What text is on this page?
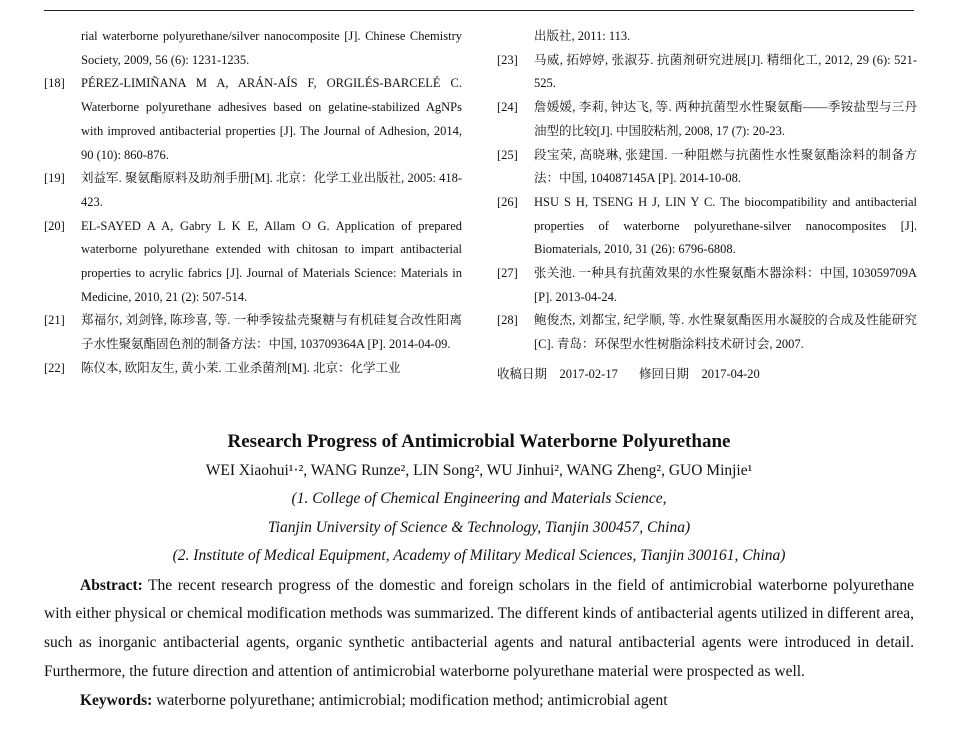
rial waterborne polyurethane/silver nanocomposite [J]. Chinese Chemistry Society, 2009, 56 (6): 1231-1235.
[18]	PÉREZ-LIMIÑANA M A, ARÁN-AÍS F, ORGILÉS-BARCELÉ C. Waterborne polyurethane adhesives based on gelatine-stabilized AgNPs with improved antibacterial properties [J]. The Journal of Adhesion, 2014, 90 (10): 860-876.
[19]	刘益军. 聚氨酯原料及助剂手册[M]. 北京：化学工业出版社, 2005: 418-423.
[20]	EL-SAYED A A, Gabry L K E, Allam O G. Application of prepared waterborne polyurethane extended with chitosan to impart antibacterial properties to acrylic fabrics [J]. Journal of Materials Science: Materials in Medicine, 2010, 21 (2): 507-514.
[21]	郑福尔, 刘剑锋, 陈珍喜, 等. 一种季铵盐壳聚糖与有机硅复合改性阳离子水性聚氨酯固色剂的制备方法：中国, 103709364A [P]. 2014-04-09.
[22]	陈仪本, 欧阳友生, 黄小茉. 工业杀菌剂[M]. 北京：化学工业
出版社, 2011: 113.
[23]	马威, 拓婷婷, 张淑芬. 抗菌剂研究进展[J]. 精细化工, 2012, 29 (6): 521-525.
[24]	詹媛媛, 李莉, 钟达飞, 等. 两种抗菌型水性聚氨酯——季铵盐型与三丹油型的比较[J]. 中国胶粘剂, 2008, 17 (7): 20-23.
[25]	段宝荣, 高晓琳, 张建国. 一种阻燃与抗菌性水性聚氨酯涂料的制备方法：中国, 104087145A [P]. 2014-10-08.
[26]	HSU S H, TSENG H J, LIN Y C. The biocompatibility and antibacterial properties of waterborne polyurethane-silver nanocomposites [J]. Biomaterials, 2010, 31 (26): 6796-6808.
[27]	张关池. 一种具有抗菌效果的水性聚氨酯木器涂料：中国, 103059709A [P]. 2013-04-24.
[28]	鲍俊杰, 刘都宝, 纪学顺, 等. 水性聚氨酯医用水凝胶的合成及性能研究[C]. 青岛：环保型水性树脂涂料技术研讨会, 2007.
收稿日期　2017-02-17 修回日期　2017-04-20
Research Progress of Antimicrobial Waterborne Polyurethane
WEI Xiaohui¹·², WANG Runze², LIN Song², WU Jinhui², WANG Zheng², GUO Minjie¹
(1. College of Chemical Engineering and Materials Science,
Tianjin University of Science & Technology, Tianjin 300457, China)
(2. Institute of Medical Equipment, Academy of Military Medical Sciences, Tianjin 300161, China)
Abstract: The recent research progress of the domestic and foreign scholars in the field of antimicrobial waterborne polyurethane with either physical or chemical modification methods was summarized. The different kinds of antibacterial agents utilized in different area, such as inorganic antibacterial agents, organic synthetic antibacterial agents and natural antibacterial agents were introduced in detail. Furthermore, the future direction and attention of antimicrobial waterborne polyurethane material were prospected as well.
Keywords: waterborne polyurethane; antimicrobial; modification method; antimicrobial agent
